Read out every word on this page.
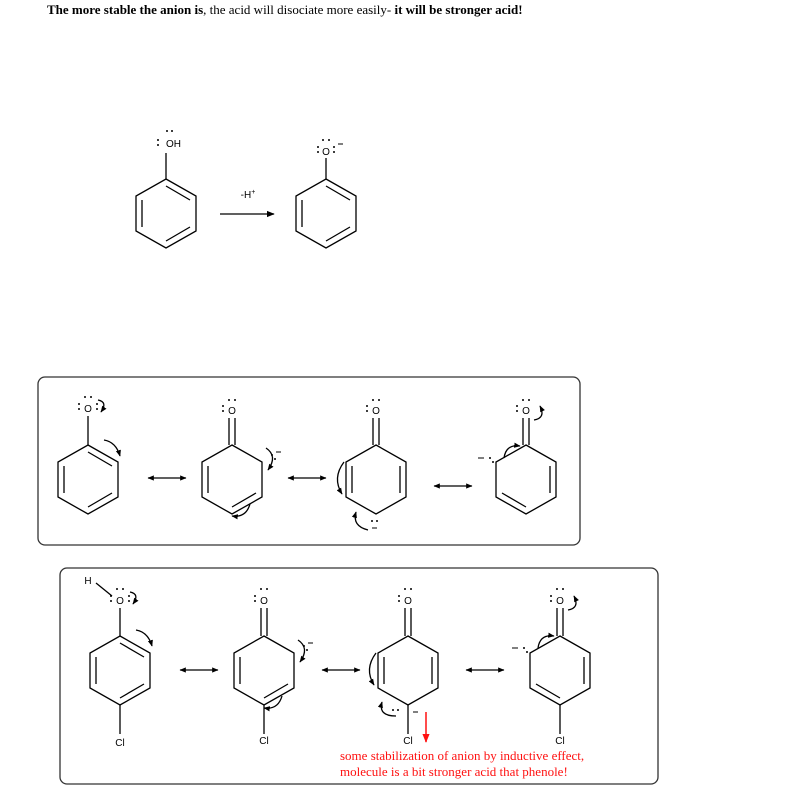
The more stable the anion is, the acid will disociate more easily- it will be stronger acid!
OH
-H+
O
O	O	O	O
H
O
Cl
O
Cl
O
Cl
O
Cl
some stabilization of anion by inductive effect,
molecule is a bit stronger acid that phenole!
